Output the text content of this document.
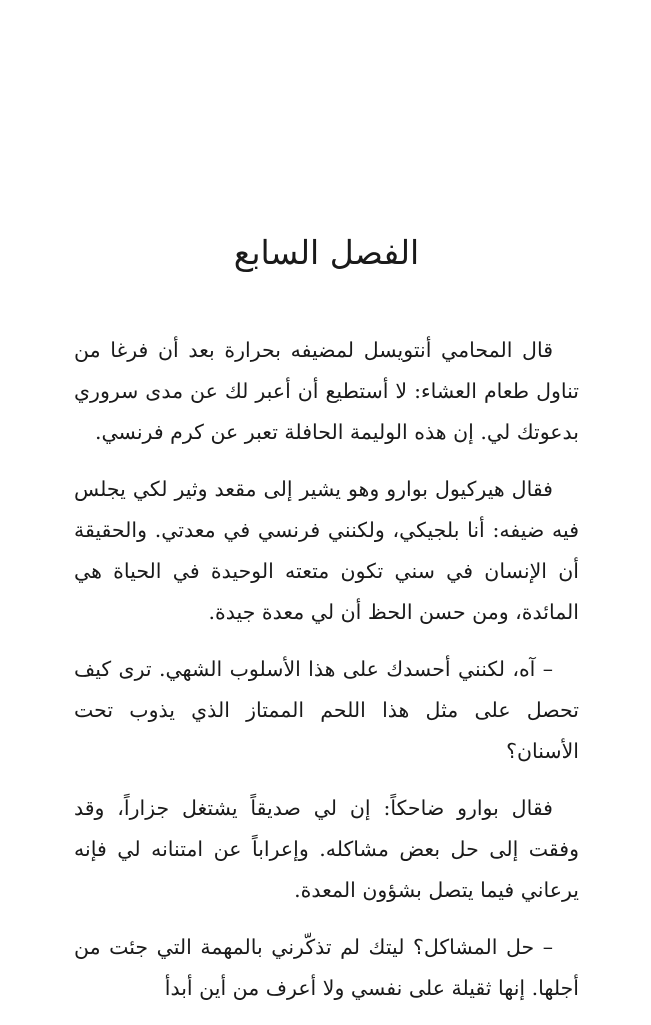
الفصل السابع

قال المحامي أنتويسل لمضيفه بحرارة بعد أن فرغا من تناول طعام العشاء: لا أستطيع أن أعبر لك عن مدى سروري بدعوتك لي. إن هذه الوليمة الحافلة تعبر عن كرم فرنسي.

فقال هيركيول بوارو وهو يشير إلى مقعد وثير لكي يجلس فيه ضيفه: أنا بلجيكي، ولكنني فرنسي في معدتي. والحقيقة أن الإنسان في سني تكون متعته الوحيدة في الحياة هي المائدة، ومن حسن الحظ أن لي معدة جيدة.

– آه، لكنني أحسدك على هذا الأسلوب الشهي. ترى كيف تحصل على مثل هذا اللحم الممتاز الذي يذوب تحت الأسنان؟

فقال بوارو ضاحكاً: إن لي صديقاً يشتغل جزاراً، وقد وفقت إلى حل بعض مشاكله. وإعراباً عن امتنانه لي فإنه يرعاني فيما يتصل بشؤون المعدة.

– حل المشاكل؟ ليتك لم تذكّرني بالمهمة التي جئت من أجلها. إنها ثقيلة على نفسي ولا أعرف من أين أبدأ
